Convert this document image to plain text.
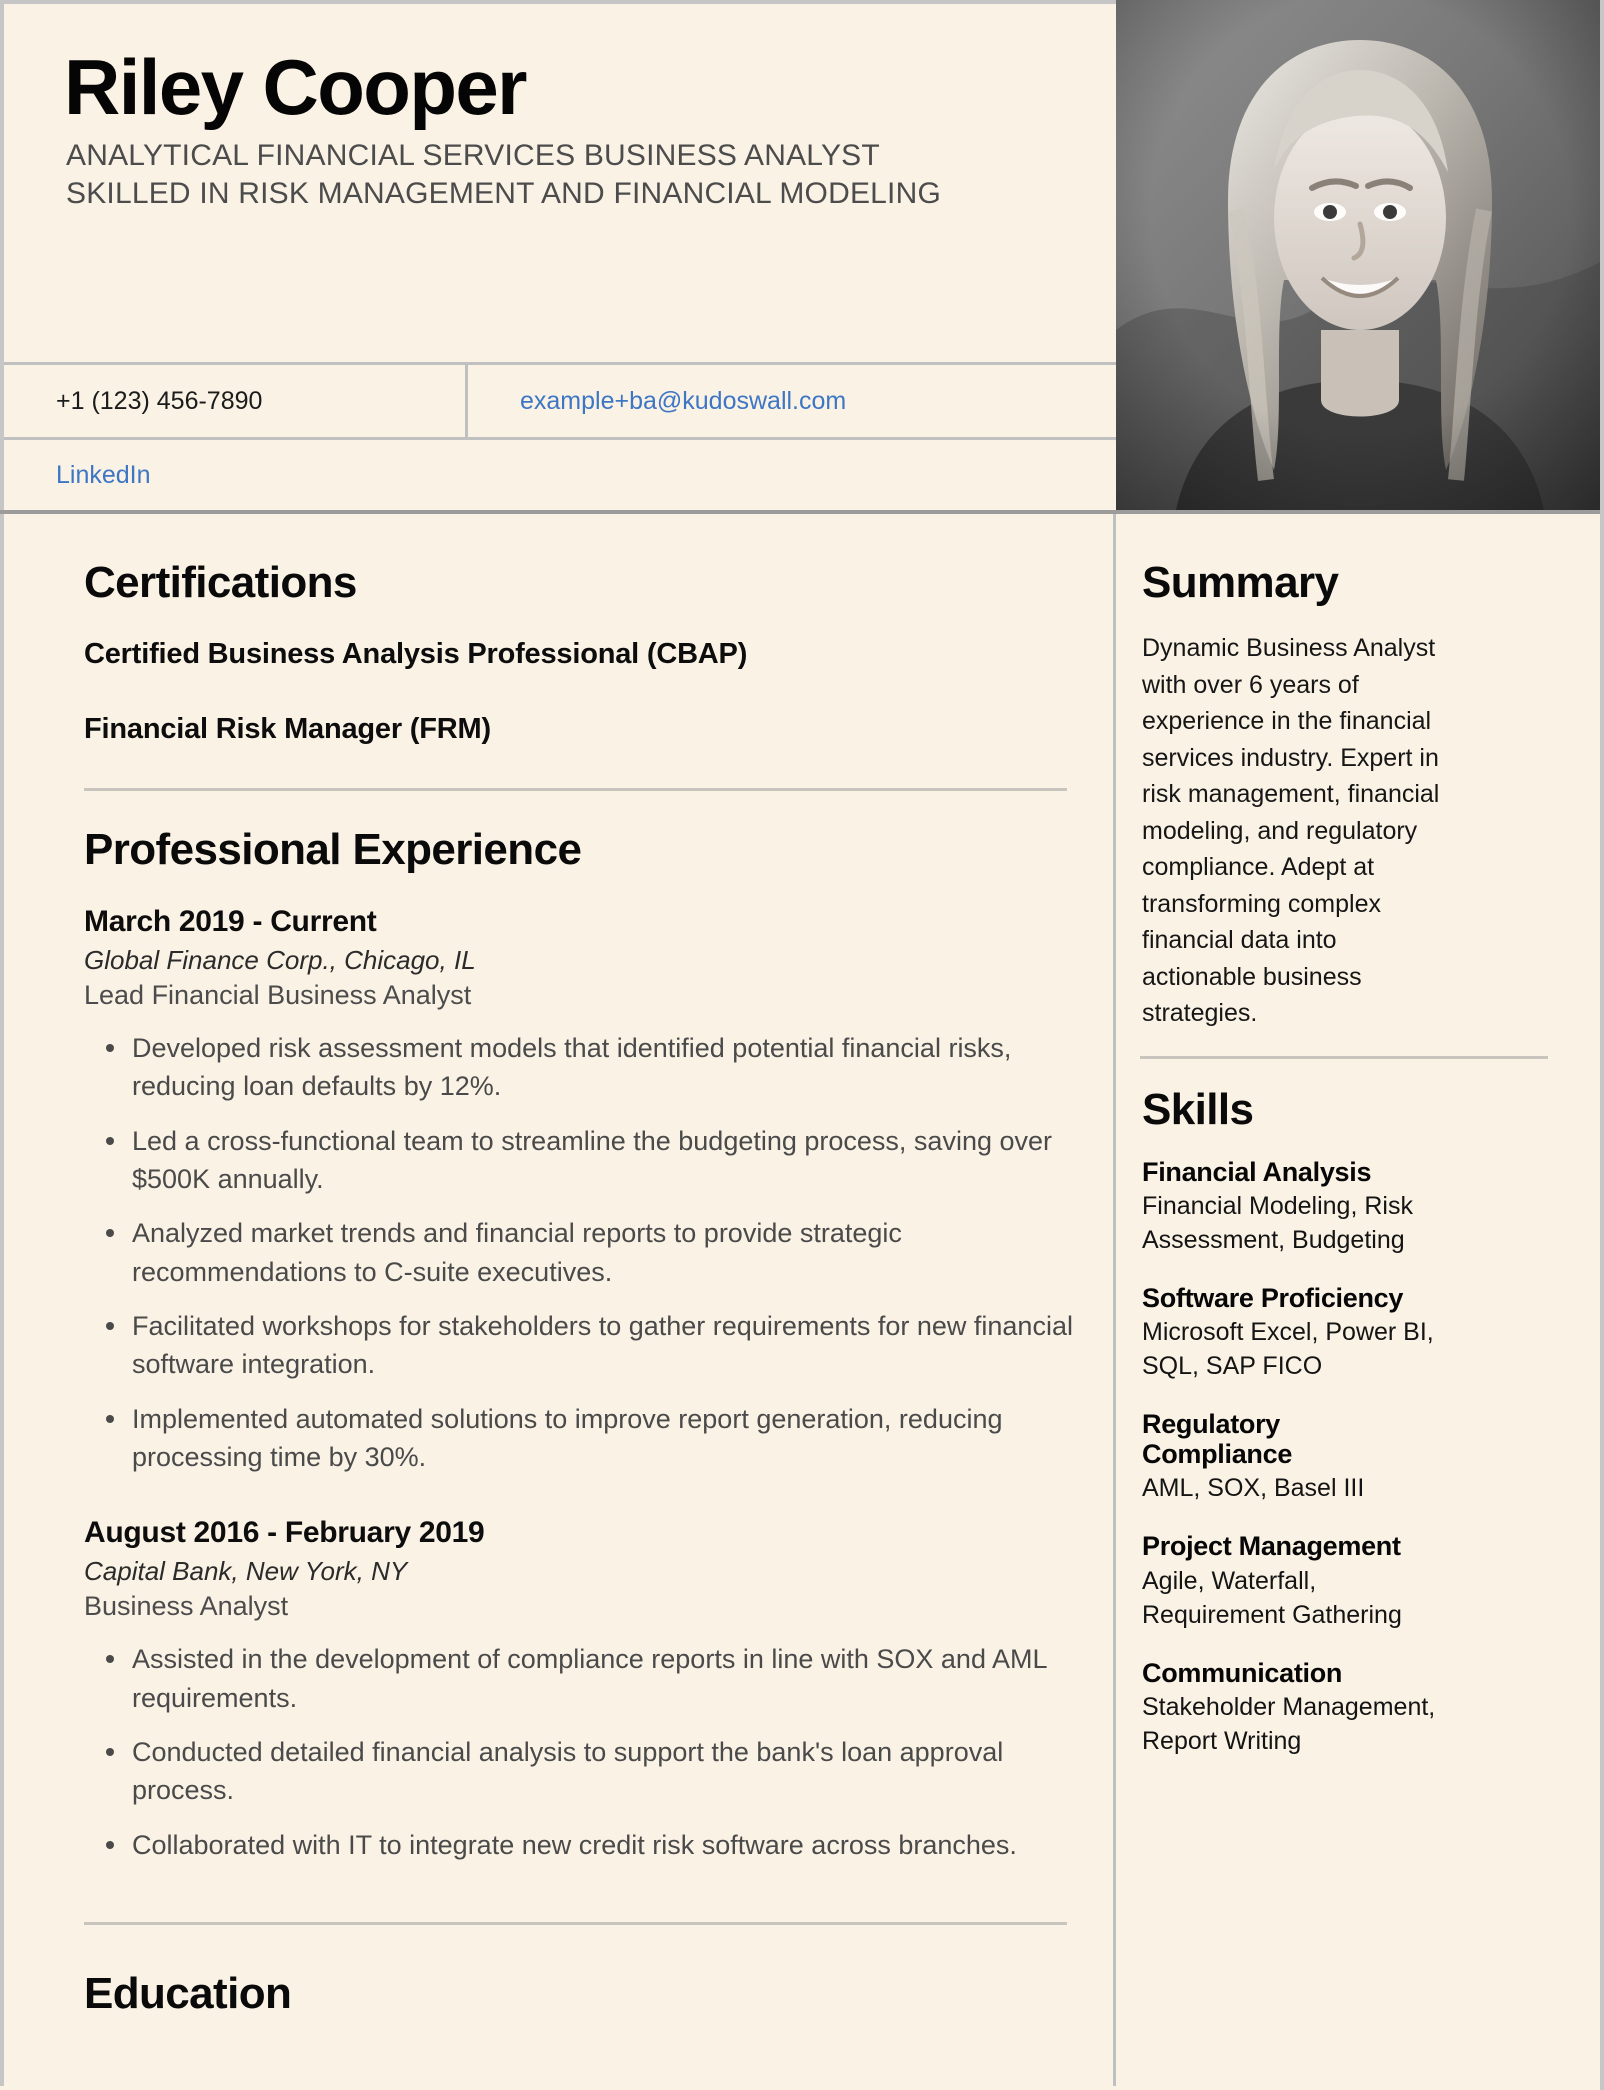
Riley Cooper
ANALYTICAL FINANCIAL SERVICES BUSINESS ANALYST SKILLED IN RISK MANAGEMENT AND FINANCIAL MODELING
+1 (123) 456-7890	example+ba@kudoswall.com
LinkedIn
Certifications
Certified Business Analysis Professional (CBAP)
Financial Risk Manager (FRM)
Professional Experience
March 2019 - Current
Global Finance Corp., Chicago, IL
Lead Financial Business Analyst
Developed risk assessment models that identified potential financial risks, reducing loan defaults by 12%.
Led a cross-functional team to streamline the budgeting process, saving over $500K annually.
Analyzed market trends and financial reports to provide strategic recommendations to C-suite executives.
Facilitated workshops for stakeholders to gather requirements for new financial software integration.
Implemented automated solutions to improve report generation, reducing processing time by 30%.
August 2016 - February 2019
Capital Bank, New York, NY
Business Analyst
Assisted in the development of compliance reports in line with SOX and AML requirements.
Conducted detailed financial analysis to support the bank's loan approval process.
Collaborated with IT to integrate new credit risk software across branches.
Education
Summary

Dynamic Business Analyst with over 6 years of experience in the financial services industry. Expert in risk management, financial modeling, and regulatory compliance. Adept at transforming complex financial data into actionable business strategies.

Skills
Financial Analysis
Financial Modeling, Risk Assessment, Budgeting
Software Proficiency
Microsoft Excel, Power BI, SQL, SAP FICO
Regulatory Compliance
AML, SOX, Basel III
Project Management
Agile, Waterfall, Requirement Gathering
Communication
Stakeholder Management, Report Writing
